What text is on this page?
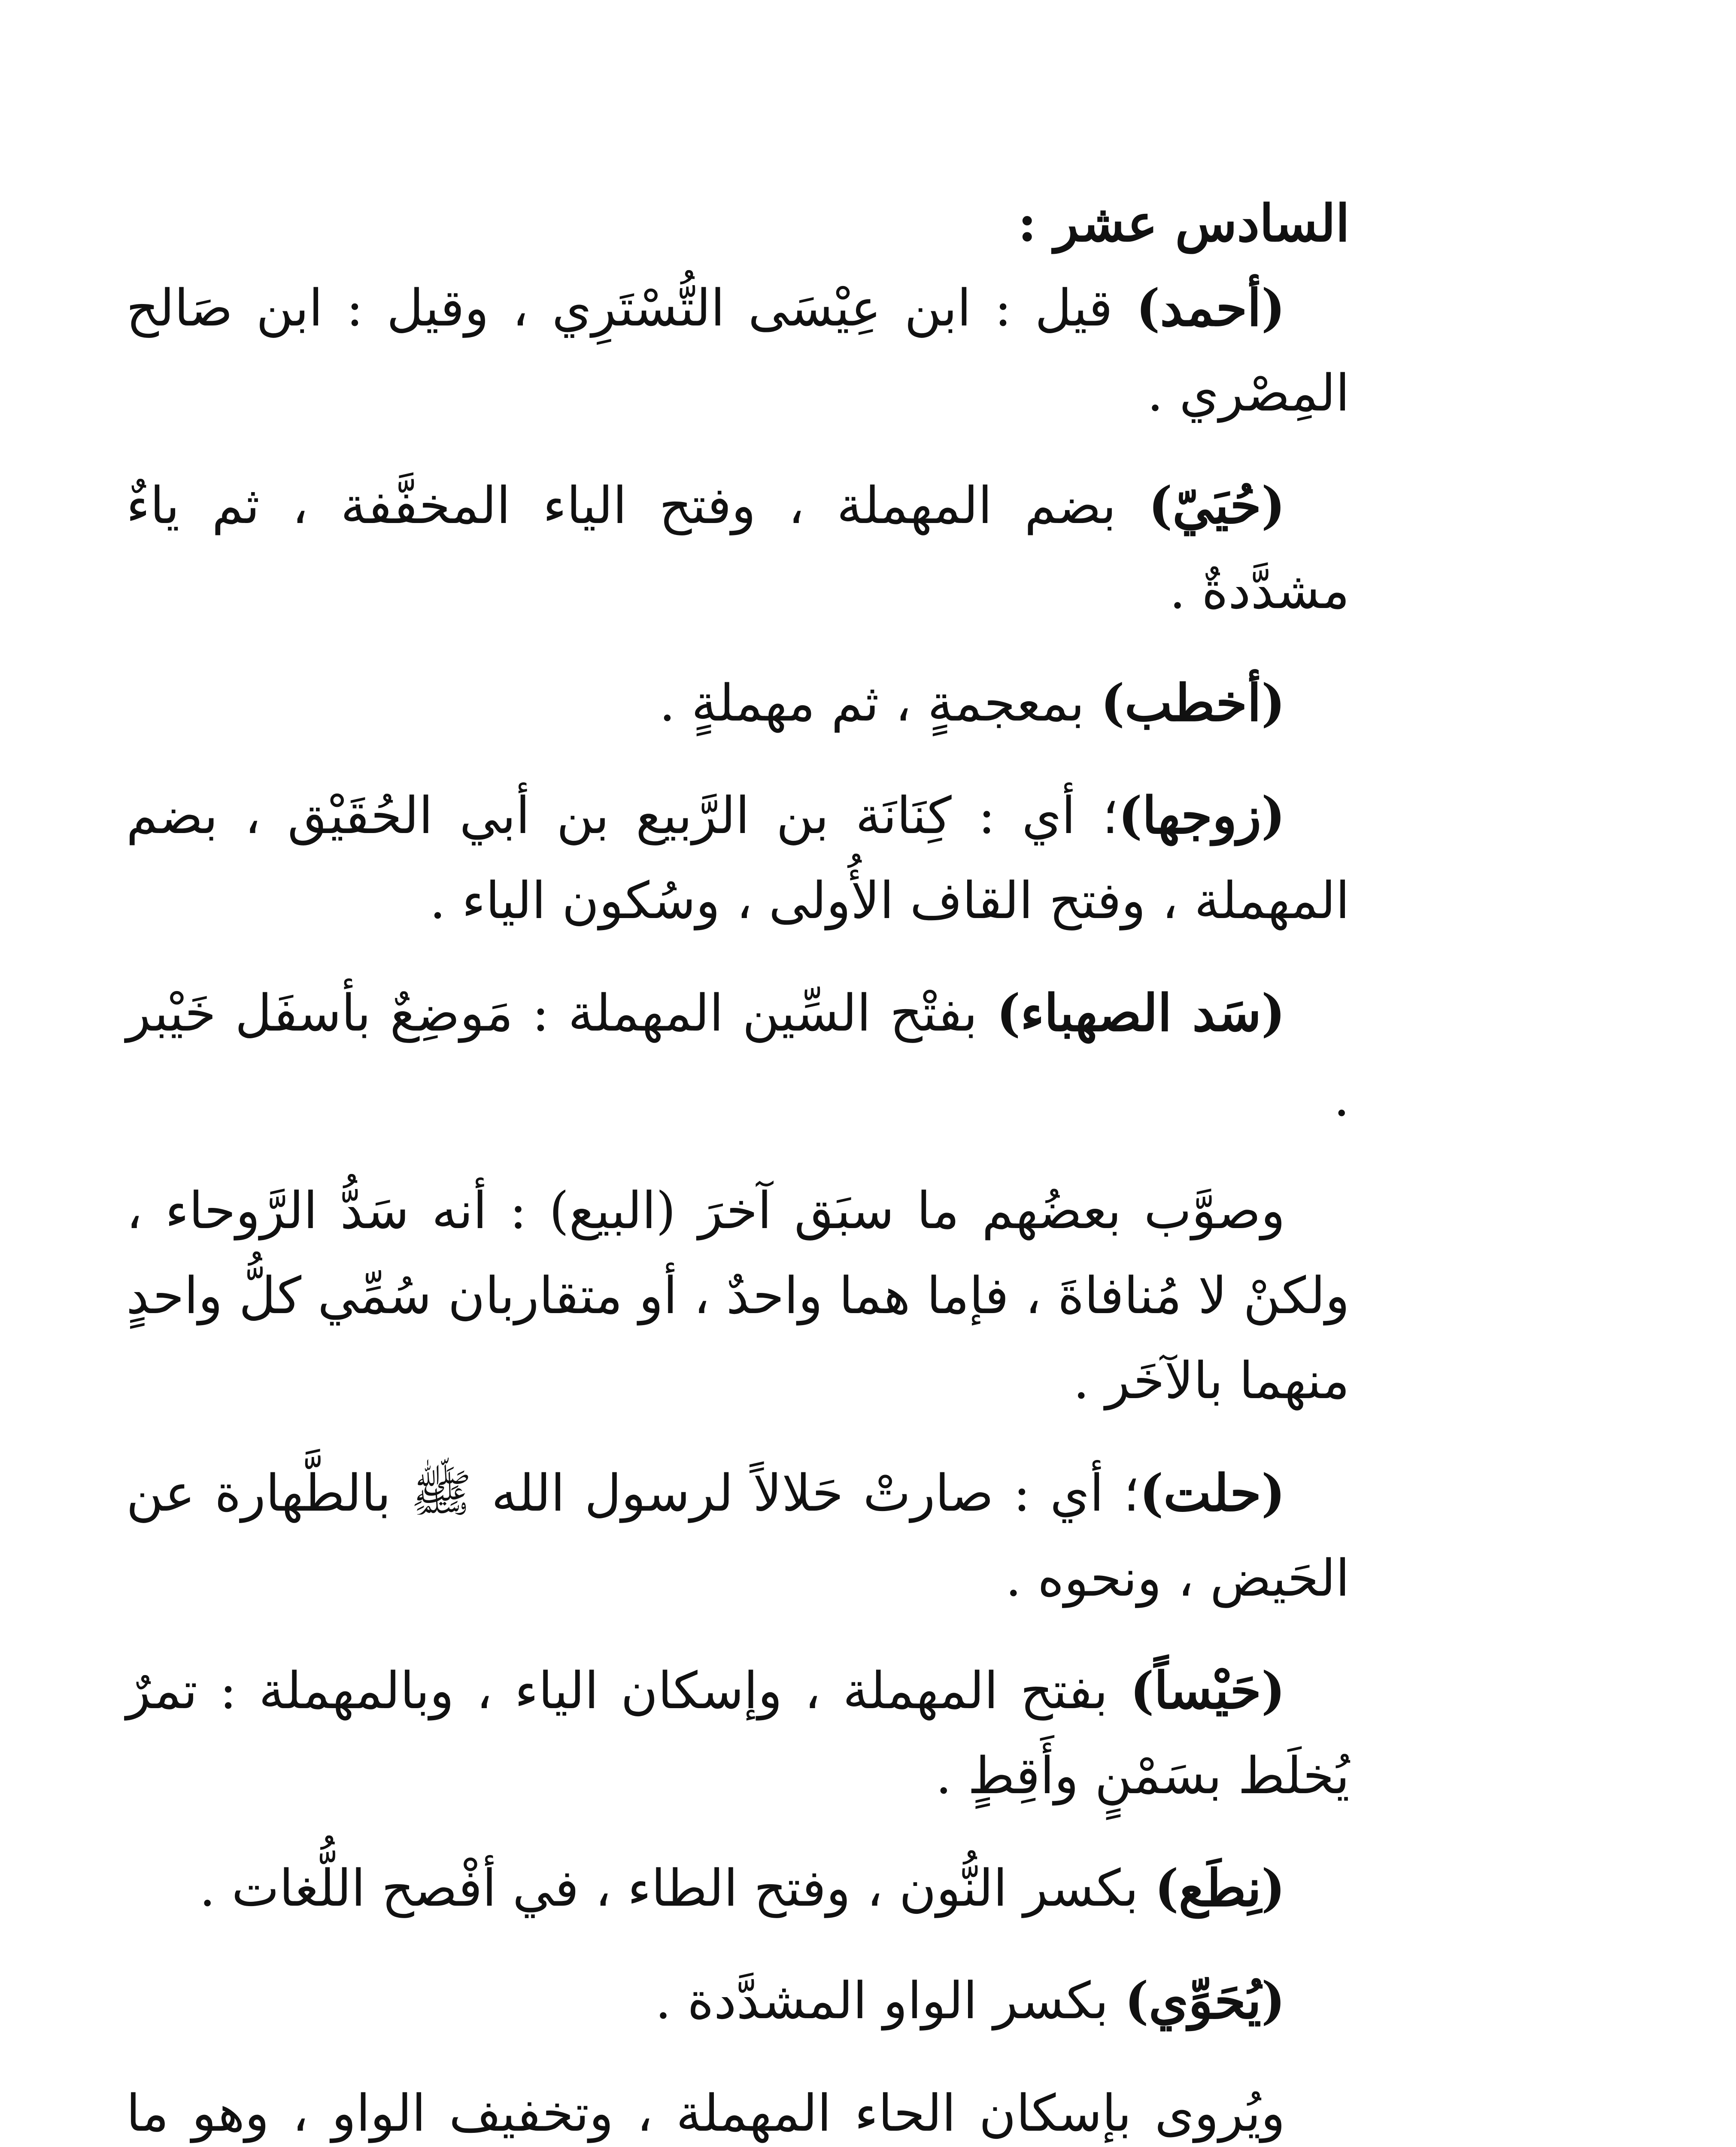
السادس عشر :

(أحمد) قيل : ابن عِيْسَى التُّسْتَرِي ، وقيل : ابن صَالح المِصْري .

(حُيَيّ) بضم المهملة ، وفتح الياء المخفَّفة ، ثم ياءٌ مشدَّدةٌ .

(أخطب) بمعجمةٍ ، ثم مهملةٍ .

(زوجها)؛ أي : كِنَانَة بن الرَّبيع بن أبي الحُقَيْق ، بضم المهملة ، وفتح القاف الأُولى ، وسُكون الياء .

(سَد الصهباء) بفتْح السِّين المهملة : مَوضِعٌ بأسفَل خَيْبر .

وصوَّب بعضُهم ما سبَق آخرَ (البيع) : أنه سَدُّ الرَّوحاء ، ولكنْ لا مُنافاةَ ، فإما هما واحدٌ ، أو متقاربان سُمِّي كلُّ واحدٍ منهما بالآخَر .

(حلت)؛ أي : صارتْ حَلالاً لرسول الله ﷺ بالطَّهارة عن الحَيض ، ونحوه .

(حَيْساً) بفتح المهملة ، وإسكان الياء ، وبالمهملة : تمرٌ يُخلَط بسَمْنٍ وأَقِطٍ .

(نِطَع) بكسر النُّون ، وفتح الطاء ، في أفْصح اللُّغات .

(يُحَوِّي) بكسر الواو المشدَّدة .

ويُروى بإسكان الحاء المهملة ، وتخفيف الواو ، وهو ما
